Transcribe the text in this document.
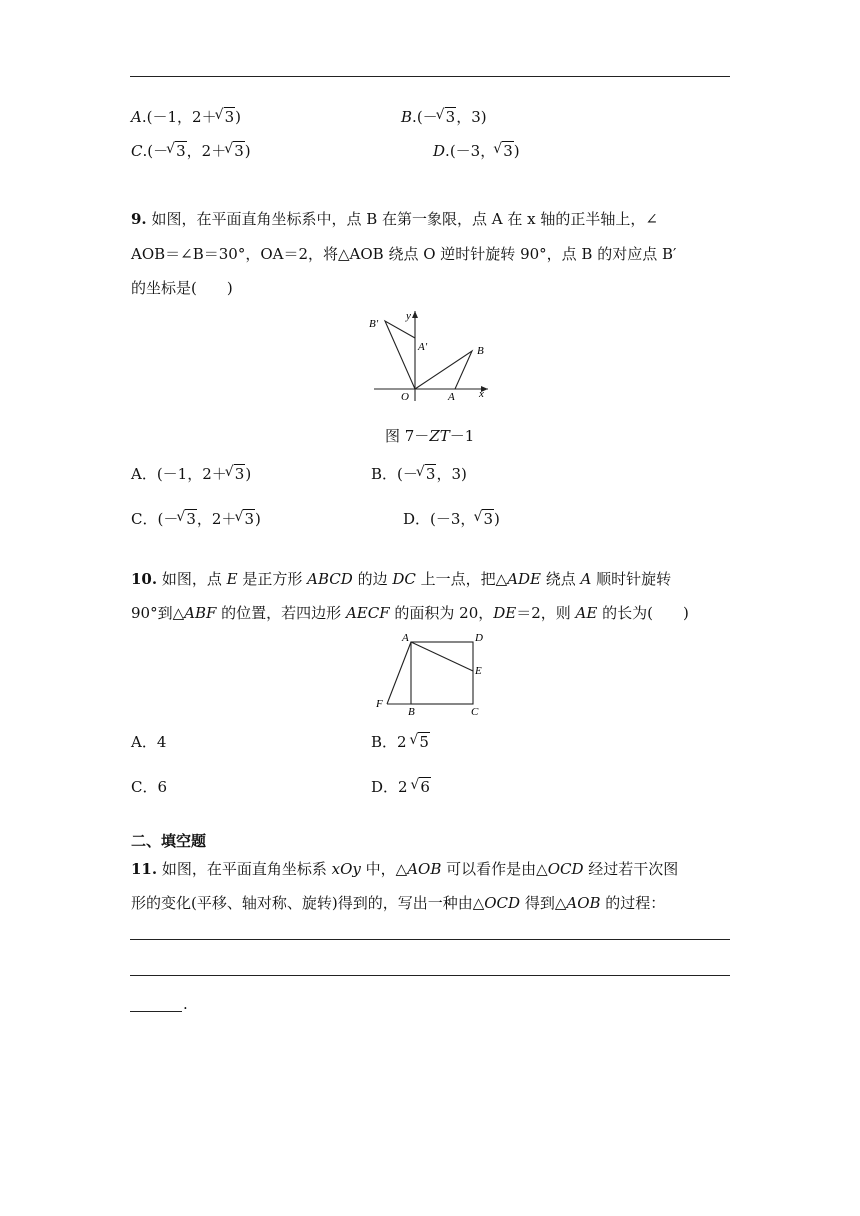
A.(－1，2＋ √ 3)	B.(－ √ 3，3)
C.(－ √ 3，2＋ √ 3)	D.(－3， √ 3)
9. 如图，在平面直角坐标系中，点 B 在第一象限，点 A 在 x 轴的正半轴上，∠
AOB＝∠B＝30°，OA＝2，将△AOB 绕点 O 逆时针旋转 90°，点 B 的对应点 B′
的坐标是(　　)
B′
y
A′	B
O	A x
图 7－ZT－1
A．(－1，2＋ √ 3)	B．(－ √ 3，3)
C．(－ √ 3，2＋ √ 3)	D．(－3， √ 3)
10. 如图，点 E 是正方形 ABCD 的边 DC 上一点，把△ADE 绕点 A 顺时针旋转
90°到△ABF 的位置，若四边形 AECF 的面积为 20，DE＝2，则 AE 的长为(　　)
A	D
E
F
B	C
A．4	B．2 √ 5
C．6	D．2 √ 6
二、填空题
11. 如图，在平面直角坐标系 xOy 中，△AOB 可以看作是由△OCD 经过若干次图
形的变化(平移、轴对称、旋转)得到的，写出一种由△OCD 得到△AOB 的过程：
.
